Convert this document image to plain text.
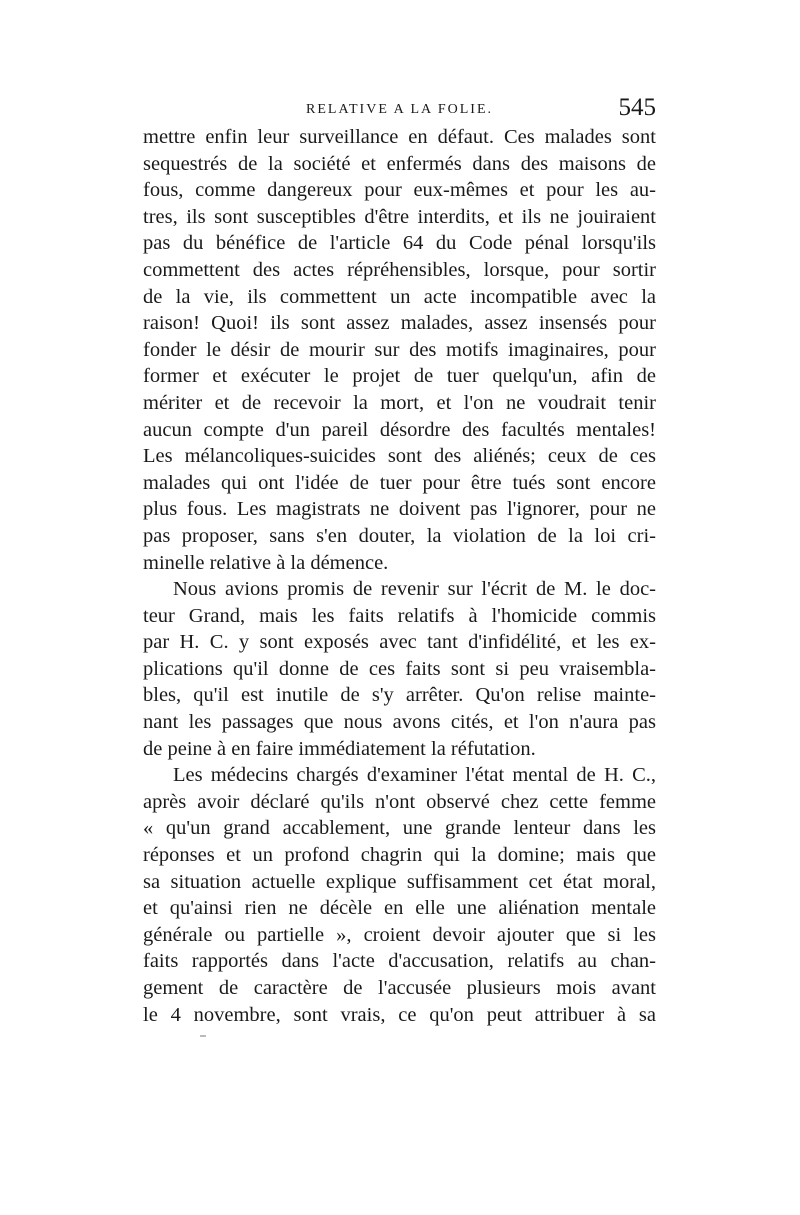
RELATIVE A LA FOLIE.	545
mettre enfin leur surveillance en défaut. Ces malades sont
sequestrés de la société et enfermés dans des maisons de
fous, comme dangereux pour eux-mêmes et pour les au-
tres, ils sont susceptibles d'être interdits, et ils ne jouiraient
pas du bénéfice de l'article 64 du Code pénal lorsqu'ils
commettent des actes répréhensibles, lorsque, pour sortir
de la vie, ils commettent un acte incompatible avec la
raison! Quoi! ils sont assez malades, assez insensés pour
fonder le désir de mourir sur des motifs imaginaires, pour
former et exécuter le projet de tuer quelqu'un, afin de
mériter et de recevoir la mort, et l'on ne voudrait tenir
aucun compte d'un pareil désordre des facultés mentales!
Les mélancoliques-suicides sont des aliénés; ceux de ces
malades qui ont l'idée de tuer pour être tués sont encore
plus fous. Les magistrats ne doivent pas l'ignorer, pour ne
pas proposer, sans s'en douter, la violation de la loi cri-
minelle relative à la démence.
Nous avions promis de revenir sur l'écrit de M. le doc-
teur Grand, mais les faits relatifs à l'homicide commis
par H. C. y sont exposés avec tant d'infidélité, et les ex-
plications qu'il donne de ces faits sont si peu vraisembla-
bles, qu'il est inutile de s'y arrêter. Qu'on relise mainte-
nant les passages que nous avons cités, et l'on n'aura pas
de peine à en faire immédiatement la réfutation.
Les médecins chargés d'examiner l'état mental de H. C.,
après avoir déclaré qu'ils n'ont observé chez cette femme
« qu'un grand accablement, une grande lenteur dans les
réponses et un profond chagrin qui la domine; mais que
sa situation actuelle explique suffisamment cet état moral,
et qu'ainsi rien ne décèle en elle une aliénation mentale
générale ou partielle », croient devoir ajouter que si les
faits rapportés dans l'acte d'accusation, relatifs au chan-
gement de caractère de l'accusée plusieurs mois avant
le 4 novembre, sont vrais, ce qu'on peut attribuer à sa
